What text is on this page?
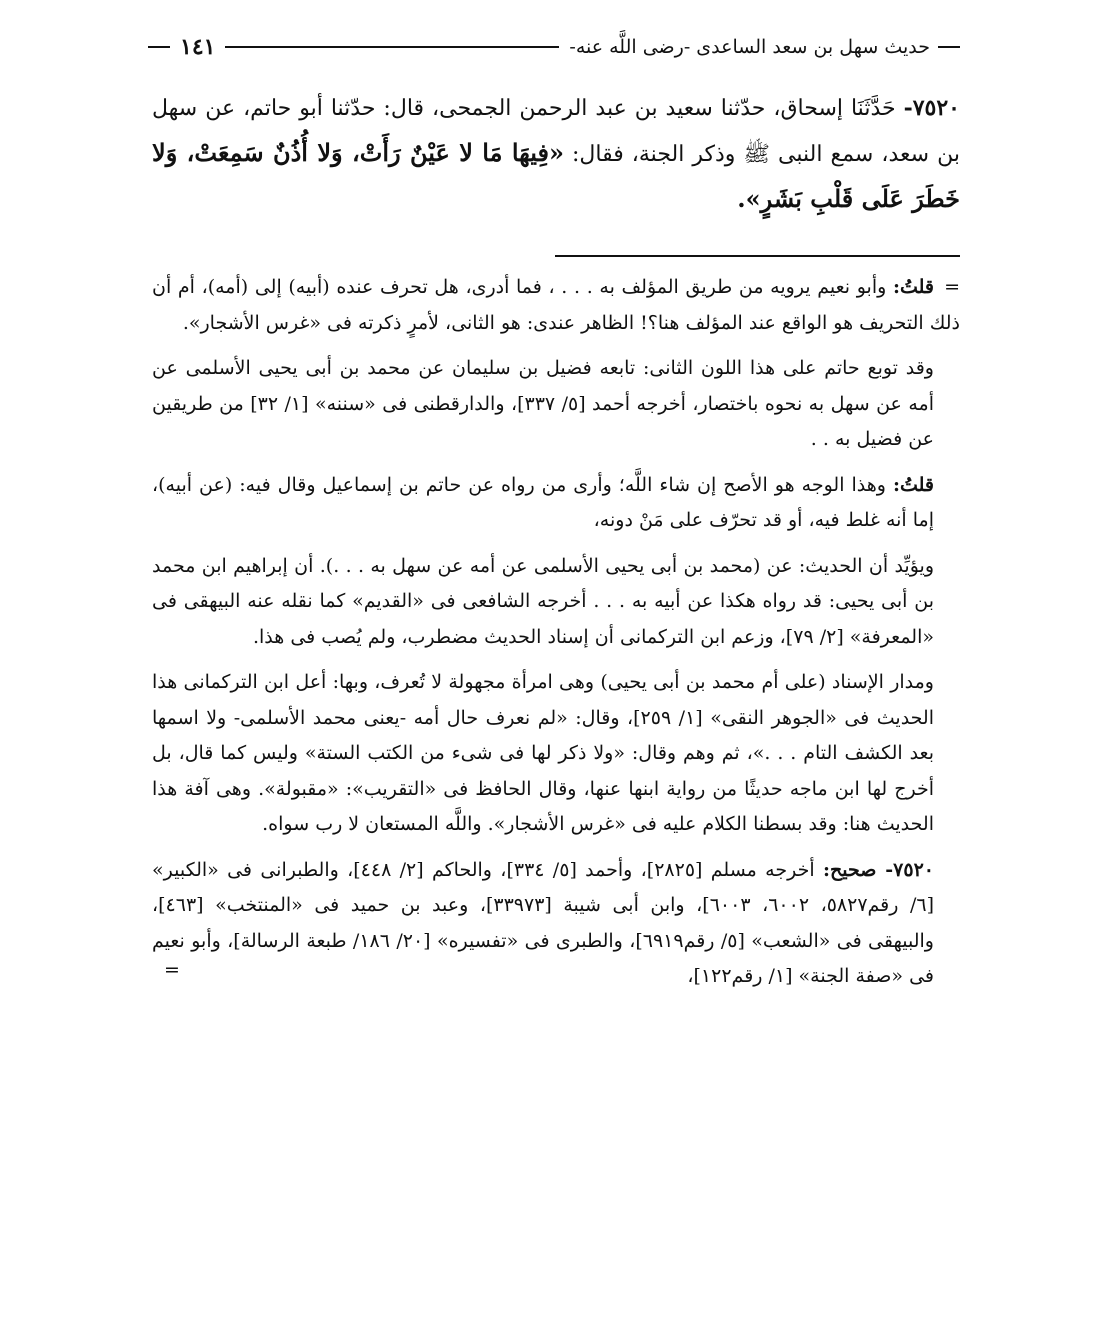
حديث سهل بن سعد الساعدى -رضى اللَّه عنه-
١٤١
٧٥٢٠- حَدَّثَنَا إسحاق، حدّثنا سعيد بن عبد الرحمن الجمحى، قال: حدّثنا أبو حاتم، عن سهل بن سعد، سمع النبى ﷺ وذكر الجنة، فقال: «فِيهَا مَا لا عَيْنٌ رَأَتْ، وَلا أُذُنٌ سَمِعَتْ، وَلا خَطَرَ عَلَى قَلْبِ بَشَرٍ».

=قلتُ: وأبو نعيم يرويه من طريق المؤلف به . . . ، فما أدرى، هل تحرف عنده (أبيه) إلى (أمه)، أم أن ذلك التحريف هو الواقع عند المؤلف هنا؟! الظاهر عندى: هو الثانى، لأمرٍ ذكرته فى «غرس الأشجار».

وقد توبع حاتم على هذا اللون الثانى: تابعه فضيل بن سليمان عن محمد بن أبى يحيى الأسلمى عن أمه عن سهل به نحوه باختصار، أخرجه أحمد [٥/ ٣٣٧]، والدارقطنى فى «سننه» [١/ ٣٢] من طريقين عن فضيل به . .

قلتُ: وهذا الوجه هو الأصح إن شاء اللَّه؛ وأرى من رواه عن حاتم بن إسماعيل وقال فيه: (عن أبيه)، إما أنه غلط فيه، أو قد تحرّف على مَنْ دونه،

ويؤيِّد أن الحديث: عن (محمد بن أبى يحيى الأسلمى عن أمه عن سهل به . . .). أن إبراهيم ابن محمد بن أبى يحيى: قد رواه هكذا عن أبيه به . . . أخرجه الشافعى فى «القديم» كما نقله عنه البيهقى فى «المعرفة» [٢/ ٧٩]، وزعم ابن التركمانى أن إسناد الحديث مضطرب، ولم يُصب فى هذا.

ومدار الإسناد (على أم محمد بن أبى يحيى) وهى امرأة مجهولة لا تُعرف، وبها: أعل ابن التركمانى هذا الحديث فى «الجوهر النقى» [١/ ٢٥٩]، وقال: «لم نعرف حال أمه -يعنى محمد الأسلمى- ولا اسمها بعد الكشف التام . . .»، ثم وهم وقال: «ولا ذكر لها فى شىء من الكتب الستة» وليس كما قال، بل أخرج لها ابن ماجه حديثًا من رواية ابنها عنها، وقال الحافظ فى «التقريب»: «مقبولة». وهى آفة هذا الحديث هنا: وقد بسطنا الكلام عليه فى «غرس الأشجار». واللَّه المستعان لا رب سواه.

٧٥٢٠- صحيح: أخرجه مسلم [٢٨٢٥]، وأحمد [٥/ ٣٣٤]، والحاكم [٢/ ٤٤٨]، والطبرانى فى «الكبير» [٦/ رقم٥٨٢٧، ٦٠٠٢، ٦٠٠٣]، وابن أبى شيبة [٣٣٩٧٣]، وعبد بن حميد فى «المنتخب» [٤٦٣]، والبيهقى فى «الشعب» [٥/ رقم٦٩١٩]، والطبرى فى «تفسيره» [٢٠/ ١٨٦/ طبعة الرسالة]، وأبو نعيم فى «صفة الجنة» [١/ رقم١٢٢]،
=
